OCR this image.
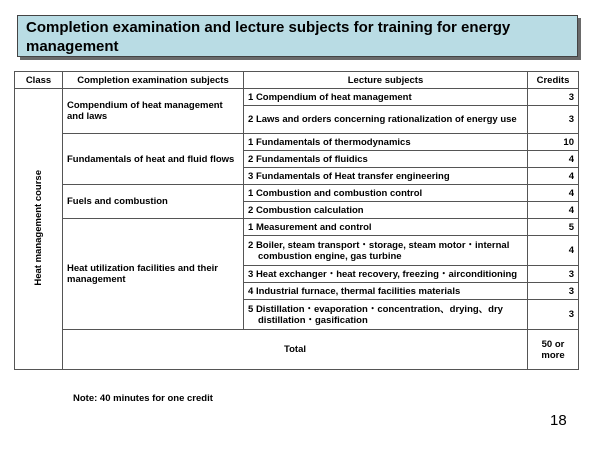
Completion examination and lecture subjects for training for energy management
Class	Completion examination subjects	Lecture subjects	Credits
Heat management course	Compendium of heat management and laws	1 Compendium of heat management	3

		2 Laws and orders concerning rationalization of energy use	3
	Fundamentals of heat and fluid flows	1 Fundamentals of thermodynamics	10

		2 Fundamentals of fluidics	4

		3 Fundamentals of Heat transfer engineering	4
	Fuels and combustion	1 Combustion and combustion control	4

		2 Combustion calculation	4
	Heat utilization facilities and their management	1 Measurement and control	5

		2 Boiler, steam transport・storage, steam motor・internal combustion engine, gas turbine	4

		3 Heat exchanger・heat recovery, freezing・airconditioning	3

		4 Industrial furnace, thermal facilities materials	3

		5 Distillation・evaporation・concentration、drying、dry distillation・gasification	3
	Total		50 or more
Note: 40 minutes for one credit
18
